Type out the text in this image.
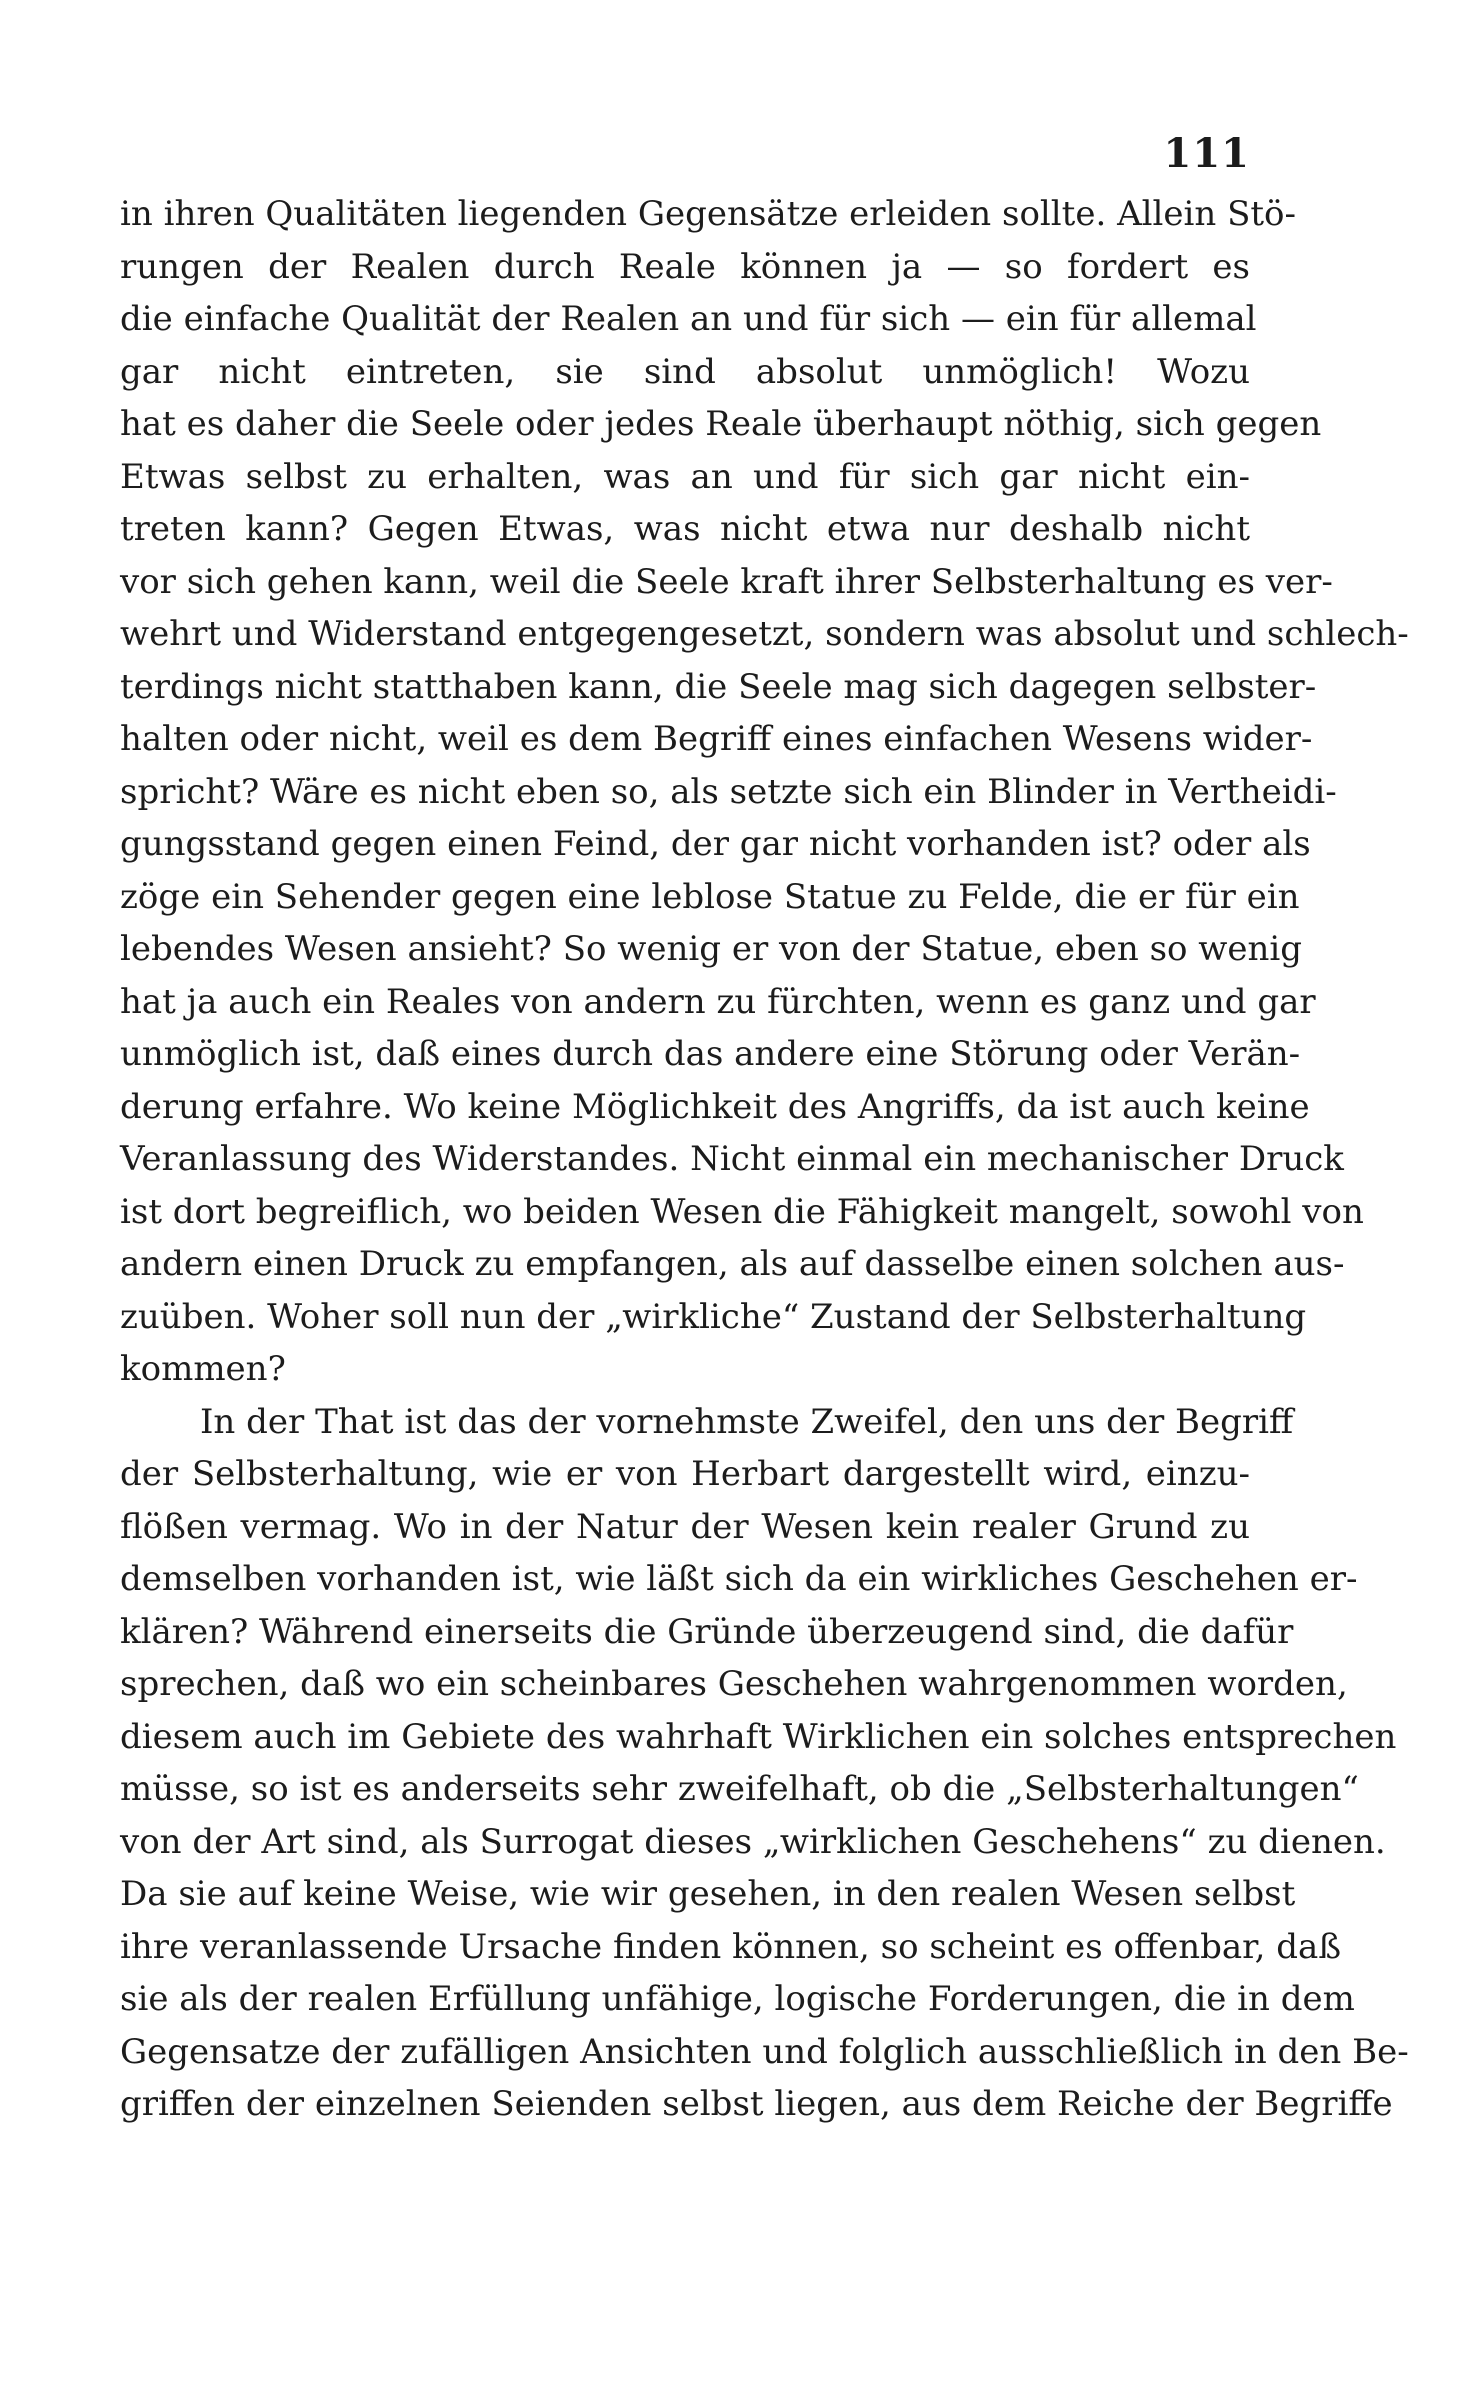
111
in ihren Qualitäten liegenden Gegensätze erleiden sollte. Allein Stö-
rungen der Realen durch Reale können ja — so fordert es
die einfache Qualität der Realen an und für sich — ein für allemal
gar nicht eintreten, sie sind absolut unmöglich! Wozu
hat es daher die Seele oder jedes Reale überhaupt nöthig, sich gegen
Etwas selbst zu erhalten, was an und für sich gar nicht ein-
treten kann? Gegen Etwas, was nicht etwa nur deshalb nicht
vor sich gehen kann, weil die Seele kraft ihrer Selbsterhaltung es ver-
wehrt und Widerstand entgegengesetzt, sondern was absolut und schlech-
terdings nicht statthaben kann, die Seele mag sich dagegen selbster-
halten oder nicht, weil es dem Begriff eines einfachen Wesens wider-
spricht? Wäre es nicht eben so, als setzte sich ein Blinder in Vertheidi-
gungsstand gegen einen Feind, der gar nicht vorhanden ist? oder als
zöge ein Sehender gegen eine leblose Statue zu Felde, die er für ein
lebendes Wesen ansieht? So wenig er von der Statue, eben so wenig
hat ja auch ein Reales von andern zu fürchten, wenn es ganz und gar
unmöglich ist, daß eines durch das andere eine Störung oder Verän-
derung erfahre. Wo keine Möglichkeit des Angriffs, da ist auch keine
Veranlassung des Widerstandes. Nicht einmal ein mechanischer Druck
ist dort begreiflich, wo beiden Wesen die Fähigkeit mangelt, sowohl von
andern einen Druck zu empfangen, als auf dasselbe einen solchen aus-
zuüben. Woher soll nun der „wirkliche“ Zustand der Selbsterhaltung
kommen?
In der That ist das der vornehmste Zweifel, den uns der Begriff
der Selbsterhaltung, wie er von Herbart dargestellt wird, einzu-
flößen vermag. Wo in der Natur der Wesen kein realer Grund zu
demselben vorhanden ist, wie läßt sich da ein wirkliches Geschehen er-
klären? Während einerseits die Gründe überzeugend sind, die dafür
sprechen, daß wo ein scheinbares Geschehen wahrgenommen worden,
diesem auch im Gebiete des wahrhaft Wirklichen ein solches entsprechen
müsse, so ist es anderseits sehr zweifelhaft, ob die „Selbsterhaltungen“
von der Art sind, als Surrogat dieses „wirklichen Geschehens“ zu dienen.
Da sie auf keine Weise, wie wir gesehen, in den realen Wesen selbst
ihre veranlassende Ursache finden können, so scheint es offenbar, daß
sie als der realen Erfüllung unfähige, logische Forderungen, die in dem
Gegensatze der zufälligen Ansichten und folglich ausschließlich in den Be-
griffen der einzelnen Seienden selbst liegen, aus dem Reiche der Begriffe
